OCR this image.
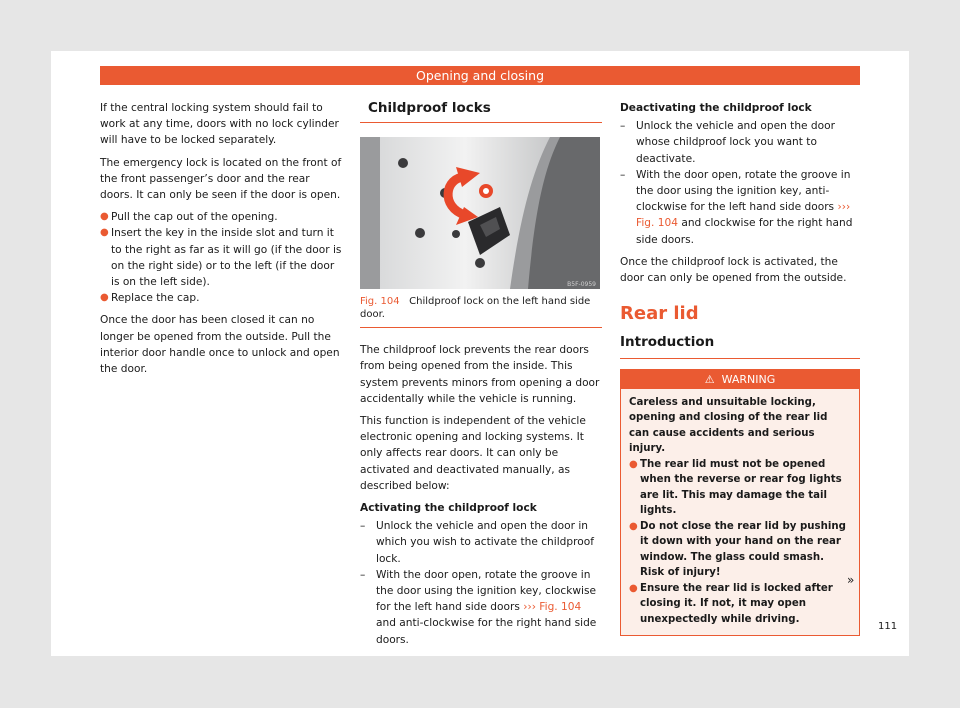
Opening and closing

If the central locking system should fail to work at any time, doors with no lock cylinder will have to be locked separately.

The emergency lock is located on the front of the front passenger’s door and the rear doors. It can only be seen if the door is open.

● Pull the cap out of the opening.
● Insert the key in the inside slot and turn it to the right as far as it will go (if the door is on the right side) or to the left (if the door is on the left side).
● Replace the cap.

Once the door has been closed it can no longer be opened from the outside. Pull the interior door handle once to unlock and open the door.

Childproof locks
B5F-0959
Fig. 104 Childproof lock on the left hand side door.

The childproof lock prevents the rear doors from being opened from the inside. This system prevents minors from opening a door accidentally while the vehicle is running.

This function is independent of the vehicle electronic opening and locking systems. It only affects rear doors. It can only be activated and deactivated manually, as described below:

Activating the childproof lock
–	Unlock the vehicle and open the door in which you wish to activate the childproof lock.
–	With the door open, rotate the groove in the door using the ignition key, clockwise for the left hand side doors ››› Fig. 104 and anti-clockwise for the right hand side doors.
Deactivating the childproof lock
–	Unlock the vehicle and open the door whose childproof lock you want to deactivate.
–	With the door open, rotate the groove in the door using the ignition key, anti-clockwise for the left hand side doors ››› Fig. 104 and clockwise for the right hand side doors.

Once the childproof lock is activated, the door can only be opened from the outside.

Rear lid
Introduction
⚠ WARNING

Careless and unsuitable locking, opening and closing of the rear lid can cause accidents and serious injury.

● The rear lid must not be opened when the reverse or rear fog lights are lit. This may damage the tail lights.
● Do not close the rear lid by pushing it down with your hand on the rear window. The glass could smash. Risk of injury!
● Ensure the rear lid is locked after closing it. If not, it may open unexpectedly while driving.
»
111
